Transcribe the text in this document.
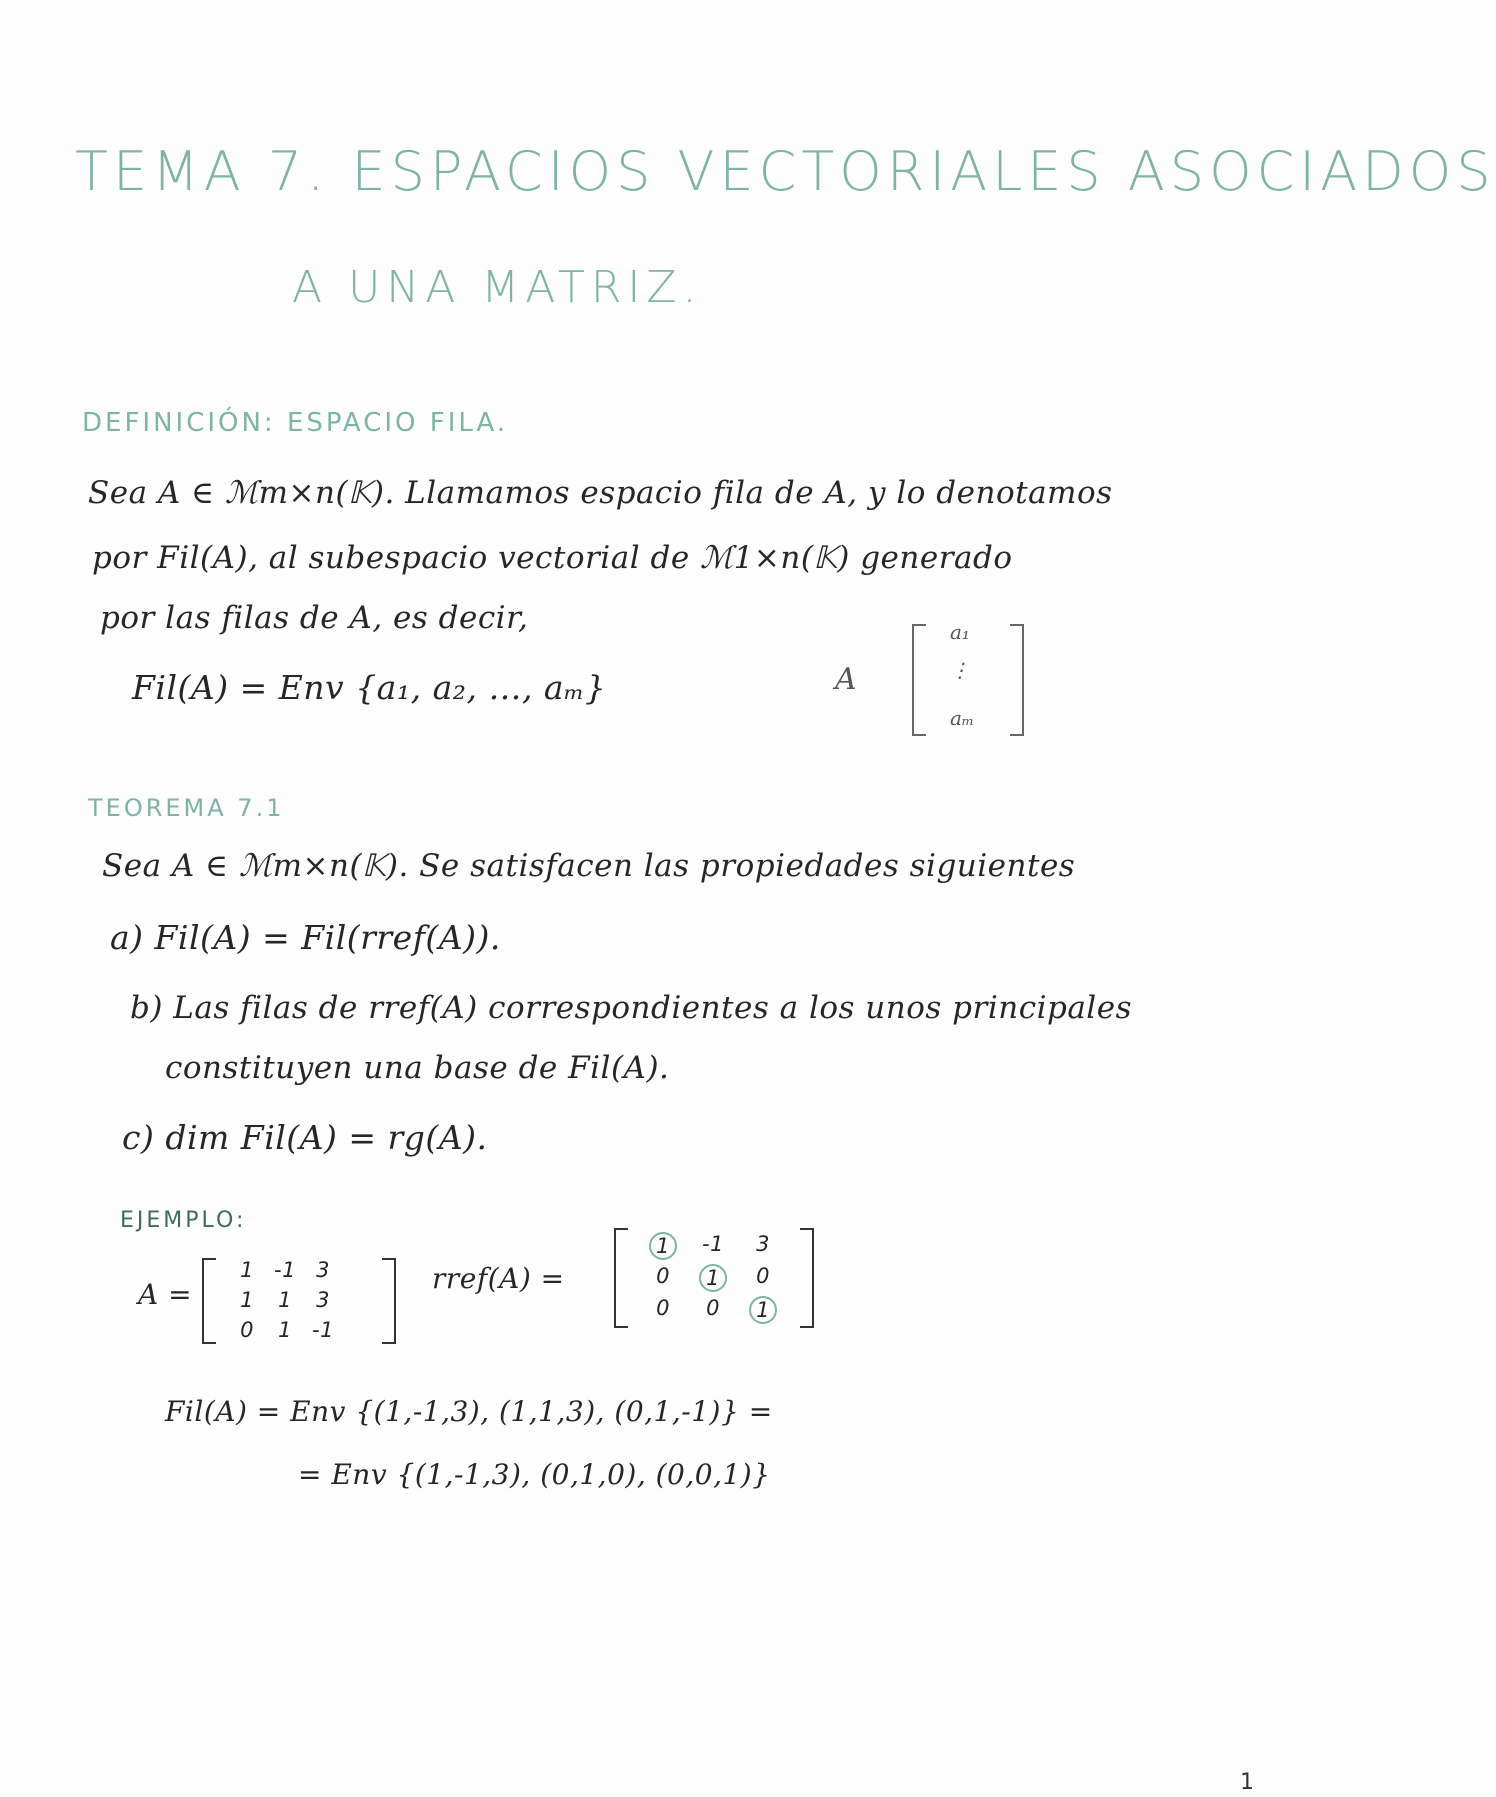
TEMA 7. ESPACIOS VECTORIALES ASOCIADOS
A UNA MATRIZ.
DEFINICIÓN: ESPACIO FILA.
Sea A ∈ ℳm×n(𝕂). Llamamos espacio fila de A, y lo denotamos
por Fil(A), al subespacio vectorial de ℳ1×n(𝕂) generado
por las filas de A, es decir,
Fil(A) = Env {a₁, a₂, …, aₘ}	A
a₁
⋮
aₘ
TEOREMA 7.1
Sea A ∈ ℳm×n(𝕂). Se satisfacen las propiedades siguientes
a) Fil(A) = Fil(rref(A)).
b) Las filas de rref(A) correspondientes a los unos principales
constituyen una base de Fil(A).
c) dim Fil(A) = rg(A).
EJEMPLO:
A =
1 -1 3
1	1	3
0	1 -1
rref(A) =
1	-1	3
0	1	0
0	0	1
Fil(A) = Env {(1,-1,3), (1,1,3), (0,1,-1)} =
= Env {(1,-1,3), (0,1,0), (0,0,1)}
1
